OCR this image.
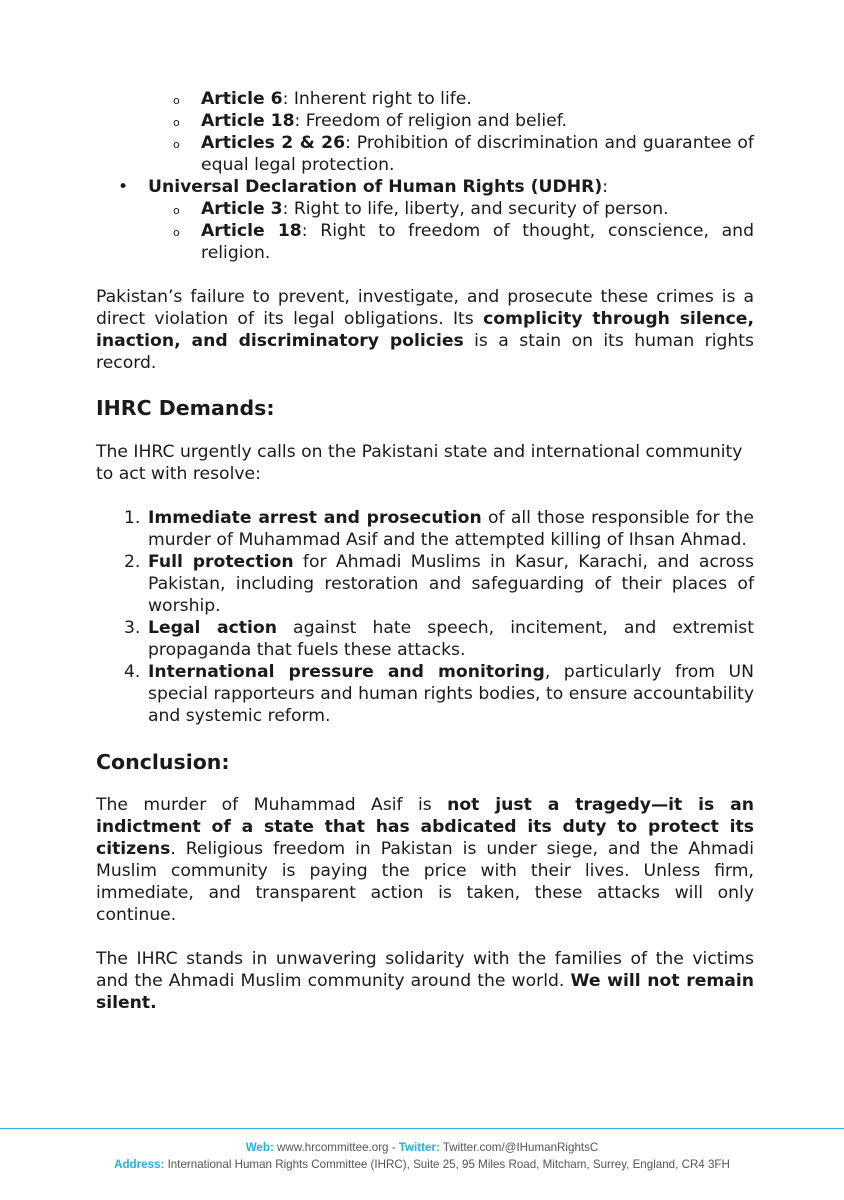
o Article 6: Inherent right to life.
o Article 18: Freedom of religion and belief.
o Articles 2 & 26: Prohibition of discrimination and guarantee of equal legal protection.
• Universal Declaration of Human Rights (UDHR):
o Article 3: Right to life, liberty, and security of person.
o Article 18: Right to freedom of thought, conscience, and religion.

Pakistan’s failure to prevent, investigate, and prosecute these crimes is a direct violation of its legal obligations. Its complicity through silence, inaction, and discriminatory policies is a stain on its human rights record.

IHRC Demands:

The IHRC urgently calls on the Pakistani state and international community to act with resolve:

1. Immediate arrest and prosecution of all those responsible for the murder of Muhammad Asif and the attempted killing of Ihsan Ahmad.
2. Full protection for Ahmadi Muslims in Kasur, Karachi, and across Pakistan, including restoration and safeguarding of their places of worship.
3. Legal action against hate speech, incitement, and extremist propaganda that fuels these attacks.
4. International pressure and monitoring, particularly from UN special rapporteurs and human rights bodies, to ensure accountability and systemic reform.
Conclusion:

The murder of Muhammad Asif is not just a tragedy—it is an indictment of a state that has abdicated its duty to protect its citizens. Religious freedom in Pakistan is under siege, and the Ahmadi Muslim community is paying the price with their lives. Unless firm, immediate, and transparent action is taken, these attacks will only continue.

The IHRC stands in unwavering solidarity with the families of the victims and the Ahmadi Muslim community around the world. We will not remain silent.

Web: www.hrcommittee.org - Twitter: Twitter.com/@IHumanRightsC
Address: International Human Rights Committee (IHRC), Suite 25, 95 Miles Road, Mitcham, Surrey, England, CR4 3FH
